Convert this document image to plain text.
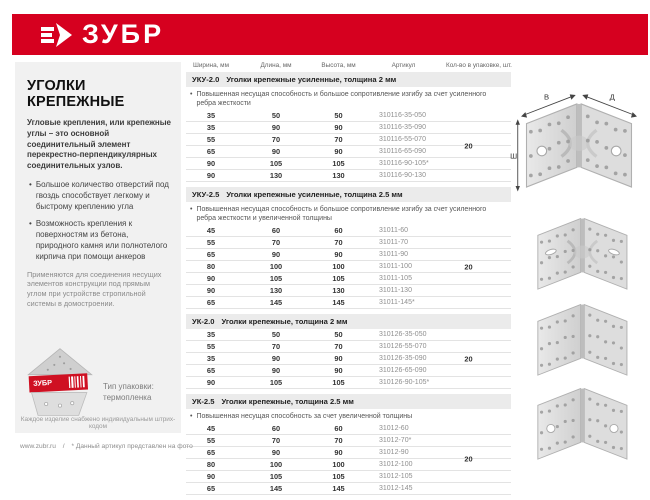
ЗУБР
УГОЛКИ КРЕПЕЖНЫЕ
Угловые крепления, или крепежные углы – это основной соединительный элемент перекрестно-перпендикулярных соединительных узлов.
• Большое количество отверстий под гвоздь способствует легкому и быстрому креплению угла
• Возможность крепления к поверхностям из бетона, природного камня или полнотелого кирпича при помощи анкеров
Применяются для соединения несущих элементов конструкции под прямым углом при устройстве стропильной системы в домостроении.
ЗУБР	Тип упаковки:
термопленка
Каждое изделие снабжено индивидуальным штрих-кодом
Ширина, мм	Длина, мм	Высота, мм	Артикул	Кол-во в упаковке, шт.
УКУ-2.0 Уголки крепежные усиленные, толщина 2 мм
• Повышенная несущая способность и большое сопротивление изгибу за счет усиленного ребра жесткости
35	50	50	310116-35-050
35	90	90	310116-35-090
55	70	70	310116-55-070
65	90	90	310116-65-090
90	105	105	310116-90-105*
90	130	130	310116-90-130
20
УКУ-2.5 Уголки крепежные усиленные, толщина 2.5 мм
• Повышенная несущая способность и большое сопротивление изгибу за счет усиленного ребра жесткости и увеличенной толщины
45	60	60	31011-60
55	70	70	31011-70
65	90	90	31011-90
80	100	100	31011-100
90	105	105	31011-105
90	130	130	31011-130
65	145	145	31011-145*
20
УК-2.0 Уголки крепежные, толщина 2 мм
35	50	50	310126-35-050
55	70	70	310126-55-070
35	90	90	310126-35-090
65	90	90	310126-65-090
90	105	105	310126-90-105*
20
УК-2.5 Уголки крепежные, толщина 2.5 мм
• Повышенная несущая способность за счет увеличенной толщины
45	60	60	31012-60
55	70	70	31012-70*
65	90	90	31012-90
80	100	100	31012-100
90	105	105	31012-105
65	145	145	31012-145
20
Ш
В	Д
www.zubr.ru / * Данный артикул представлен на фото
